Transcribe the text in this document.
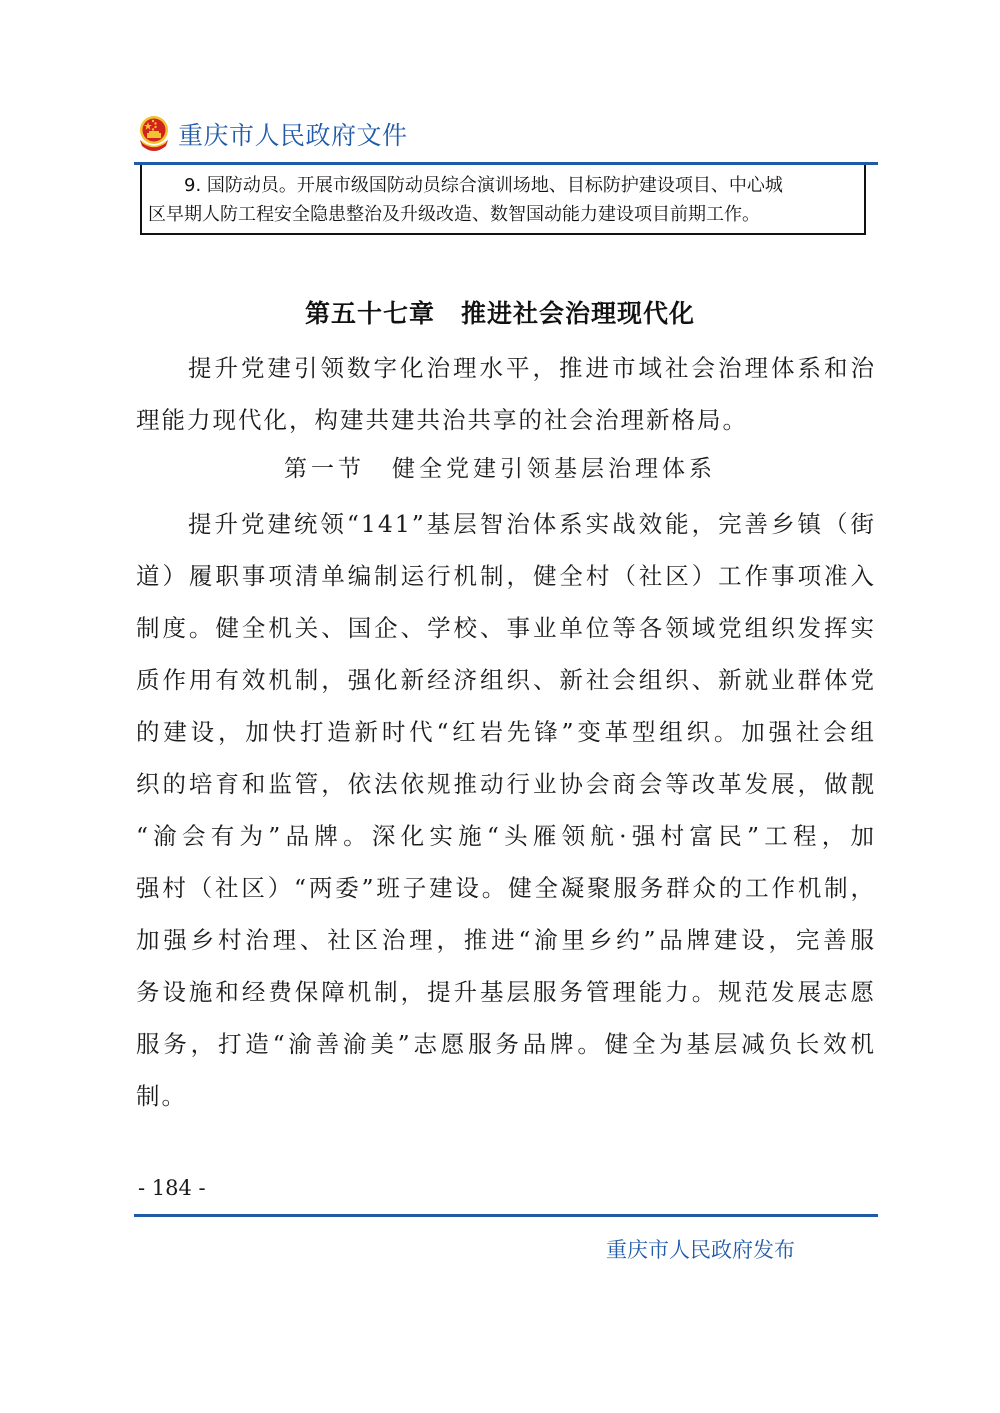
重庆市人民政府文件

9. 国防动员。开展市级国防动员综合演训场地、目标防护建设项目、中心城

区早期人防工程安全隐患整治及升级改造、数智国动能力建设项目前期工作。

第五十七章　推进社会治理现代化
提升党建引领数字化治理水平，推进市域社会治理体系和治
理能力现代化，构建共建共治共享的社会治理新格局。
第一节　健全党建引领基层治理体系
提升党建统领“141”基层智治体系实战效能，完善乡镇（街
道）履职事项清单编制运行机制，健全村（社区）工作事项准入
制度。健全机关、国企、学校、事业单位等各领域党组织发挥实
质作用有效机制，强化新经济组织、新社会组织、新就业群体党
的建设，加快打造新时代“红岩先锋”变革型组织。加强社会组
织的培育和监管，依法依规推动行业协会商会等改革发展，做靓
“渝会有为”品牌。深化实施“头雁领航·强村富民”工程，加
强村（社区）“两委”班子建设。健全凝聚服务群众的工作机制，
加强乡村治理、社区治理，推进“渝里乡约”品牌建设，完善服
务设施和经费保障机制，提升基层服务管理能力。规范发展志愿
服务，打造“渝善渝美”志愿服务品牌。健全为基层减负长效机
制。
- 184 -
重庆市人民政府发布
